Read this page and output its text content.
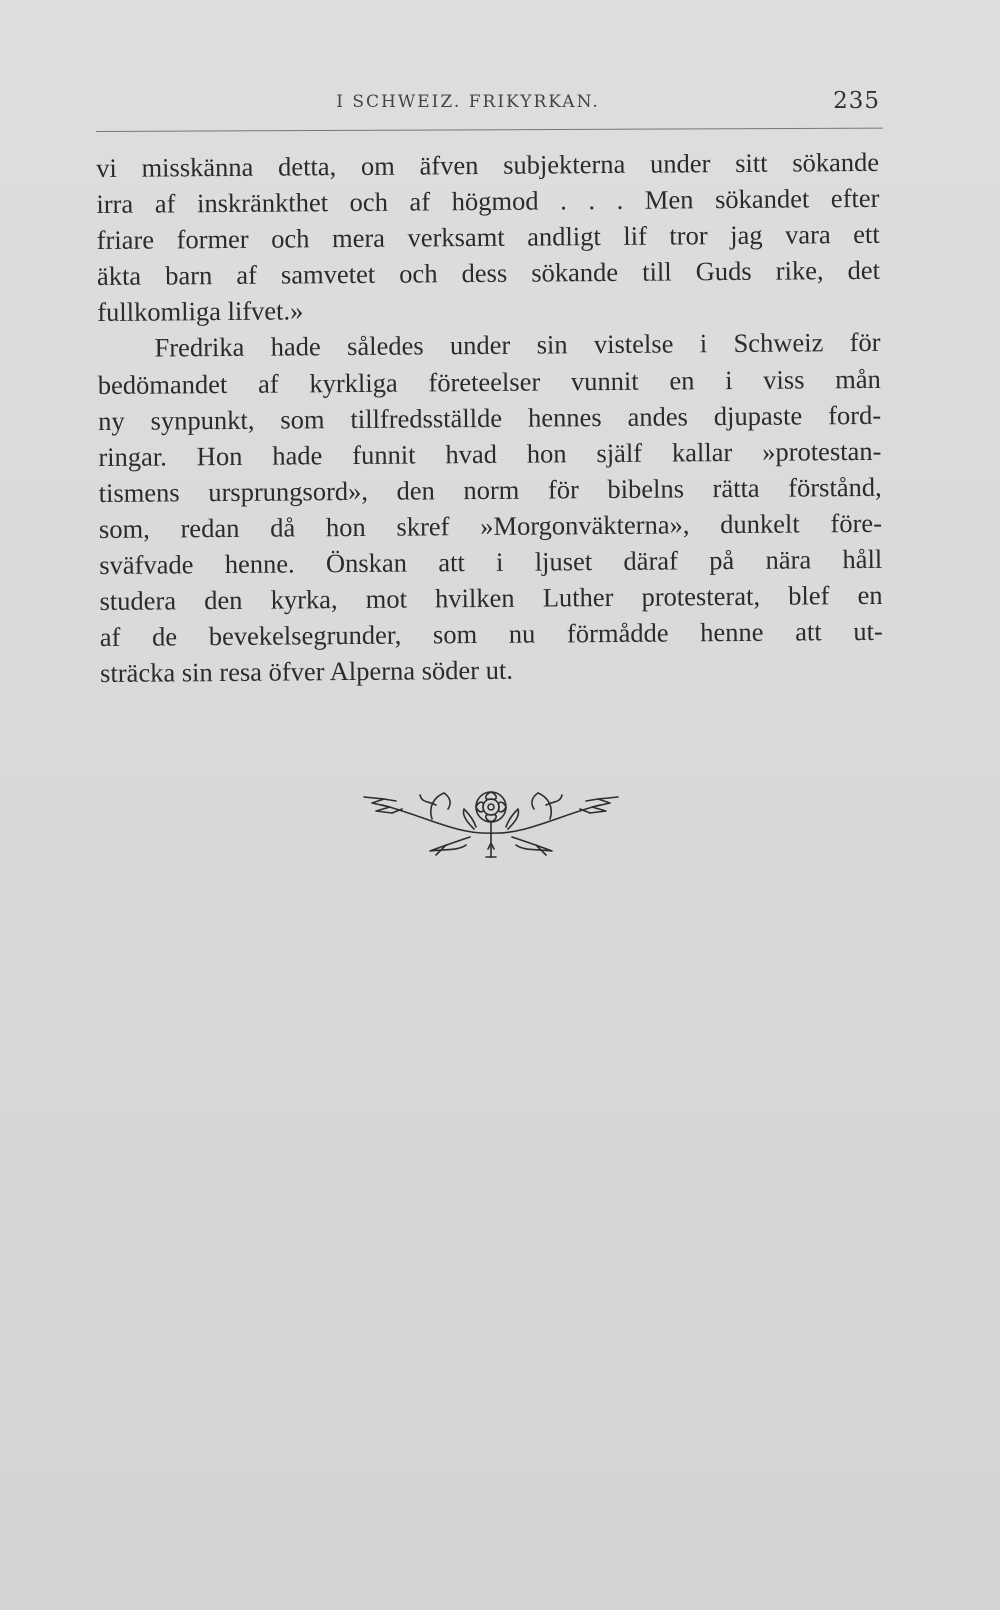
I SCHWEIZ. FRIKYRKAN.	235
vi misskänna detta, om äfven subjekterna under sitt sökande
irra af inskränkthet och af högmod . . . Men sökandet efter
friare former och mera verksamt andligt lif tror jag vara ett
äkta barn af samvetet och dess sökande till Guds rike, det
fullkomliga lifvet.»
Fredrika hade således under sin vistelse i Schweiz för
bedömandet af kyrkliga företeelser vunnit en i viss mån
ny synpunkt, som tillfredsställde hennes andes djupaste ford-
ringar. Hon hade funnit hvad hon själf kallar »protestan-
tismens ursprungsord», den norm för bibelns rätta förstånd,
som, redan då hon skref »Morgonväkterna», dunkelt före-
sväfvade henne. Önskan att i ljuset däraf på nära håll
studera den kyrka, mot hvilken Luther protesterat, blef en
af de bevekelsegrunder, som nu förmådde henne att ut-
sträcka sin resa öfver Alperna söder ut.
